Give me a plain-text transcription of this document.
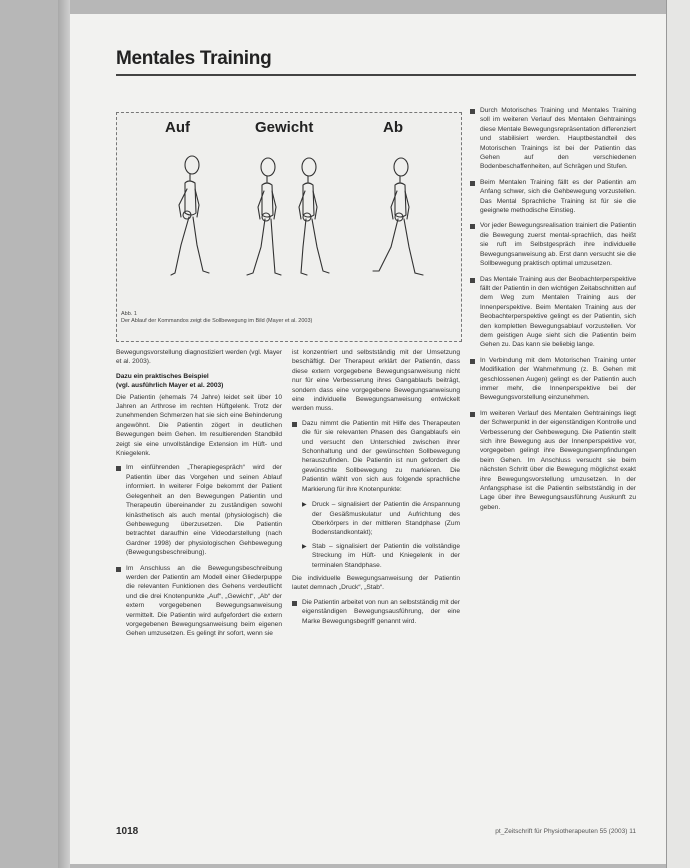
Mentales Training
Auf	Gewicht	Ab
Abb. 1
Der Ablauf der Kommandos zeigt die Sollbewegung im Bild (Mayer et al. 2003)

Bewegungsvorstellung diagnostiziert werden (vgl. Mayer et al. 2003).

Dazu ein praktisches Beispiel
(vgl. ausführlich Mayer et al. 2003)

Die Patientin (ehemals 74 Jahre) leidet seit über 10 Jahren an Arthrose im rechten Hüftgelenk. Trotz der zunehmenden Schmerzen hat sie sich eine Behinderung angewöhnt. Die Patientin zögert in deutlichen Bewegungen beim Gehen. Im resultierenden Standbild zeigt sie eine unvollständige Extension im Hüft- und Kniegelenk.

Im einführenden „Therapiegespräch“ wird der Patientin über das Vorgehen und seinen Ablauf informiert. In weiterer Folge bekommt der Patient Gelegenheit an den Bewegungen Patientin und Therapeutin übereinander zu zuständigen sowohl kinästhetisch als auch mental (physiologisch) die Gehbewegung überzusetzen. Die Patientin betrachtet daraufhin eine Videodarstellung (nach Gardner 1998) der physiologischen Gehbewegung (Bewegungsbeschreibung).
Im Anschluss an die Bewegungsbeschreibung werden der Patientin am Modell einer Gliederpuppe die relevanten Funktionen des Gehens verdeutlicht und die drei Knotenpunkte „Auf“, „Gewicht“, „Ab“ der extern vorgegebenen Bewegungsanweisung vermittelt. Die Patientin wird aufgefordert die extern vorgegebenen Bewegungsanweisung beim eigenen Gehen umzusetzen. Es gelingt ihr sofort, wenn sie

ist konzentriert und selbstständig mit der Umsetzung beschäftigt. Der Therapeut erklärt der Patientin, dass diese extern vorgegebene Bewegungsanweisung nicht nur für eine Verbesserung ihres Gangablaufs beiträgt, sondern dass eine vorgegebene Bewegungsanweisung eine individuelle Bewegungsanweisung entwickelt werden muss.

Dazu nimmt die Patientin mit Hilfe des Therapeuten die für sie relevanten Phasen des Gangablaufs ein und versucht den Unterschied zwischen ihrer Schonhaltung und der gewünschten Sollbewegung herauszufinden. Die Patientin ist nun gefordert die gewünschte Sollbewegung zu markieren. Die Patientin wählt von sich aus folgende sprachliche Markierung für ihre Knotenpunkte:
▶ Druck – signalisiert der Patientin die Anspannung der Gesäßmuskulatur und Aufrichtung des Oberkörpers in der mittleren Standphase (Zum Bodenstandkontakt);
▶ Stab – signalisiert der Patientin die vollständige Streckung im Hüft- und Kniegelenk in der terminalen Standphase.

Die individuelle Bewegungsanweisung der Patientin lautet demnach „Druck“, „Stab“.

Die Patientin arbeitet von nun an selbstständig mit der eigenständigen Bewegungsausführung, der eine Marke Bewegungsbegriff genannt wird.
Durch Motorisches Training und Mentales Training soll im weiteren Verlauf des Mentalen Gehtrainings diese Mentale Bewegungsrepräsentation differenziert und stabilisiert werden. Hauptbestandteil des Motorischen Trainings ist bei der Patientin das Gehen auf den verschiedenen Bodenbeschaffenheiten, auf Schrägen und Stufen.
Beim Mentalen Training fällt es der Patientin am Anfang schwer, sich die Gehbewegung vorzustellen. Das Mental Sprachliche Training ist für sie die geeignete methodische Einstieg.
Vor jeder Bewegungsrealisation trainiert die Patientin die Bewegung zuerst mental-sprachlich, das heißt sie ruft im Selbstgespräch ihre individuelle Bewegungsanweisung ab. Erst dann versucht sie die Sollbewegung praktisch optimal umzusetzen.
Das Mentale Training aus der Beobachterperspektive fällt der Patientin in den wichtigen Zeitabschnitten auf dem Weg zum Mentalen Training aus der Innenperspektive. Beim Mentalen Training aus der Beobachterperspektive gelingt es der Patientin, sich den kompletten Bewegungsablauf vorzustellen. Vor dem geistigen Auge sieht sich die Patientin beim Gehen zu. Das kann sie beliebig lange.
In Verbindung mit dem Motorischen Training unter Modifikation der Wahrnehmung (z. B. Gehen mit geschlossenen Augen) gelingt es der Patientin auch immer mehr, die Innenperspektive bei der Bewegungsvorstellung einzunehmen.
Im weiteren Verlauf des Mentalen Gehtrainings liegt der Schwerpunkt in der eigenständigen Kontrolle und Verbesserung der Gehbewegung. Die Patientin stellt sich ihre Bewegung aus der Innenperspektive vor, vorgegeben gelingt ihre Bewegungsempfindungen beim Gehen. Im Anschluss versucht sie beim nächsten Schritt über die Bewegung möglichst exakt ihre Bewegungsvorstellung umzusetzen. In der Anfangsphase ist die Patientin selbstständig in der Lage über ihre Bewegungsausführung Auskunft zu geben.
1018	pt_Zeitschrift für Physiotherapeuten 55 (2003) 11
